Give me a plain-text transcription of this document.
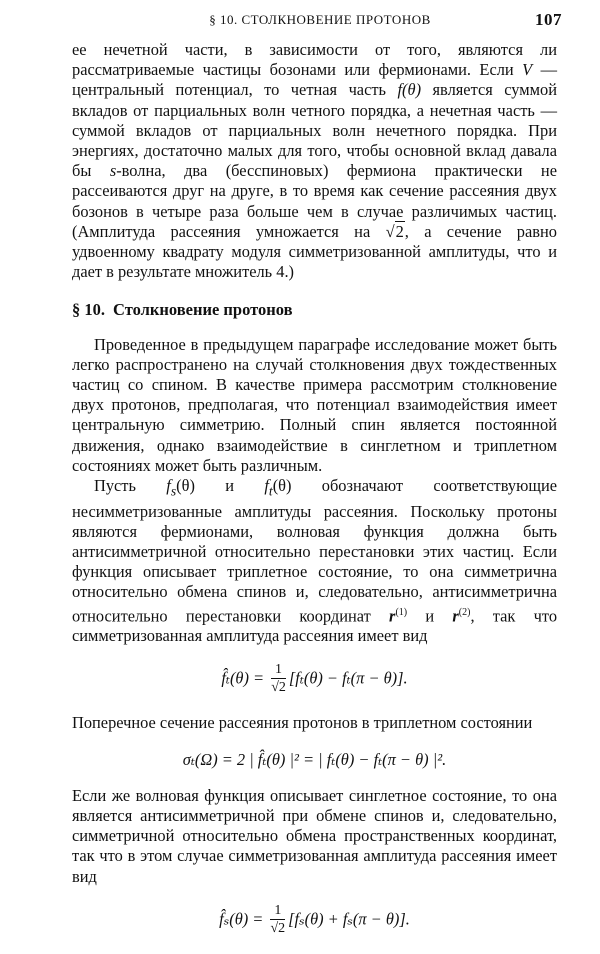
§ 10. СТОЛКНОВЕНИЕ ПРОТОНОВ	107

ее нечетной части, в зависимости от того, являются ли рассматриваемые частицы бозонами или фермионами. Если V — центральный потенциал, то четная часть f(θ) является суммой вкладов от парциальных волн четного порядка, а нечетная часть — суммой вкладов от парциальных волн нечетного порядка. При энергиях, достаточно малых для того, чтобы основной вклад давала бы s-волна, два (бесспиновых) фермиона практически не рассеиваются друг на друге, в то время как сечение рассеяния двух бозонов в четыре раза больше чем в случае различимых частиц. (Амплитуда рассеяния умножается на √2, а сечение равно удвоенному квадрату модуля симметризованной амплитуды, что и дает в результате множитель 4.)

§ 10. Столкновение протонов

Проведенное в предыдущем параграфе исследование может быть легко распространено на случай столкновения двух тождественных частиц со спином. В качестве примера рассмотрим столкновение двух протонов, предполагая, что потенциал взаимодействия имеет центральную симметрию. Полный спин является постоянной движения, однако взаимодействие в синглетном и триплетном состояниях может быть различным.

Пусть $f_s(\theta)$ и $f_t(\theta)$ обозначают соответствующие несимметризованные амплитуды рассеяния. Поскольку протоны являются фермионами, волновая функция должна быть антисимметричной относительно перестановки этих частиц. Если функция описывает триплетное состояние, то она симметрична относительно обмена спинов и, следовательно, антисимметрична относительно перестановки координат $r^{(1)}$ и $r^{(2)}$, так что симметризованная амплитуда рассеяния имеет вид

f̂ₜ(θ) = $\frac{1}{√2} [f_t(\theta) - f_t(\pi - \theta)]$.

Поперечное сечение рассеяния протонов в триплетном состоянии

σₜ(Ω) = 2 | f̂ₜ(θ) |² = | fₜ(θ) − fₜ(π − θ) |².

Если же волновая функция описывает синглетное состояние, то она является антисимметричной при обмене спинов и, следовательно, симметричной относительно обмена пространственных координат, так что в этом случае симметризованная амплитуда рассеяния имеет вид

f̂ₛ(θ) = $\frac{1}{√2} [f_s(\theta) + f_s(\pi - \theta)]$.
